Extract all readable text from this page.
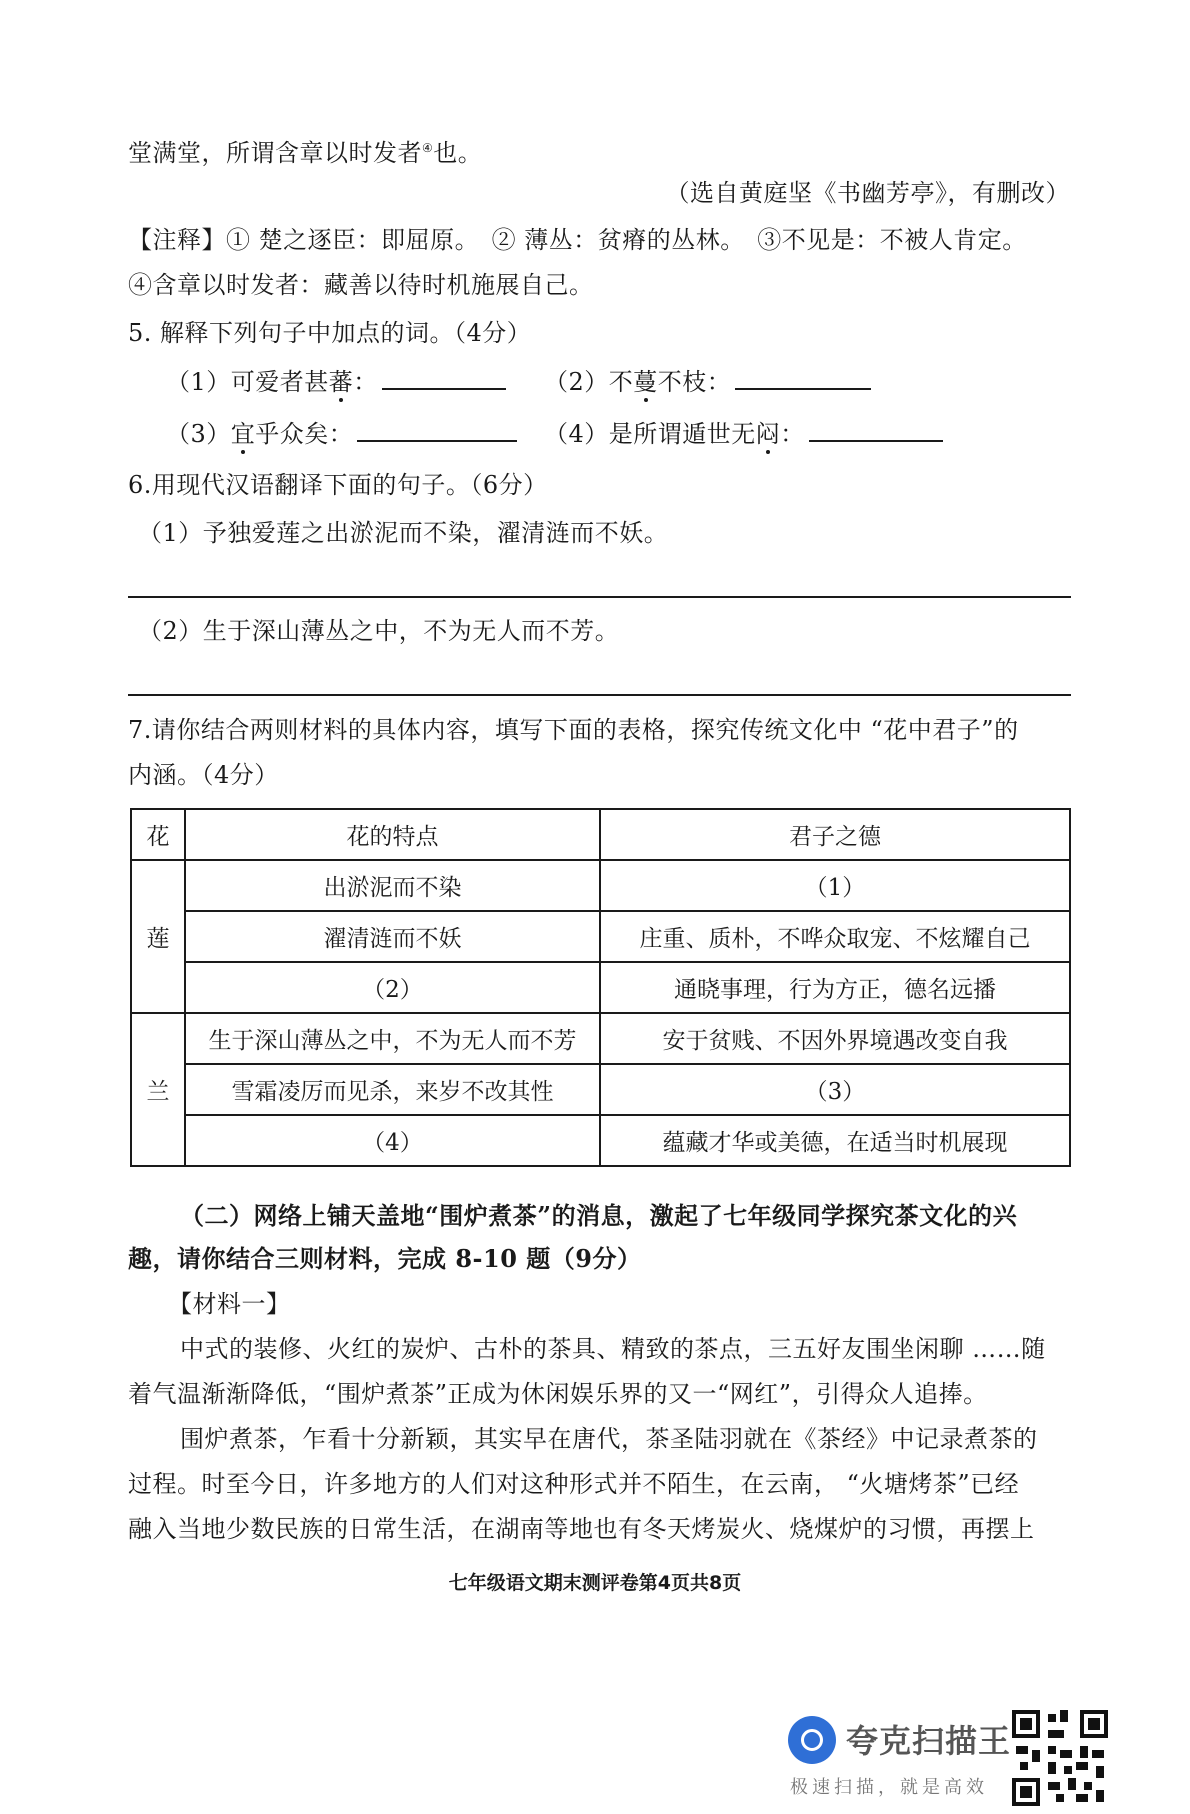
堂满堂，所谓含章以时发者④也。
（选自黄庭坚《书幽芳亭》，有删改）
【注释】① 楚之逐臣：即屈原。　② 薄丛：贫瘠的丛林。　③不见是：不被人肯定。
④含章以时发者：藏善以待时机施展自己。
5. 解释下列句子中加点的词。（4分）
（1）可爱者甚蕃：	（2）不蔓不枝：
（3）宜乎众矣：	（4）是所谓遁世无闷：
6.用现代汉语翻译下面的句子。（6分）
（1）予独爱莲之出淤泥而不染，濯清涟而不妖。
（2）生于深山薄丛之中，不为无人而不芳。
7.请你结合两则材料的具体内容，填写下面的表格，探究传统文化中 “花中君子”的
内涵。（4分）
花	花的特点	君子之德
莲	出淤泥而不染	（1）
	濯清涟而不妖	庄重、质朴，不哗众取宠、不炫耀自己
	（2）	通晓事理，行为方正，德名远播
兰	生于深山薄丛之中，不为无人而不芳	安于贫贱、不因外界境遇改变自我
	雪霜凌厉而见杀，来岁不改其性	（3）
	（4）	蕴藏才华或美德，在适当时机展现
（二）网络上铺天盖地“围炉煮茶”的消息，激起了七年级同学探究茶文化的兴
趣，请你结合三则材料，完成 8-10 题（9分）
【材料一】
中式的装修、火红的炭炉、古朴的茶具、精致的茶点，三五好友围坐闲聊 ……随
着气温渐渐降低，“围炉煮茶”正成为休闲娱乐界的又一“网红”，引得众人追捧。
围炉煮茶，乍看十分新颖，其实早在唐代，茶圣陆羽就在《茶经》中记录煮茶的
过程。时至今日，许多地方的人们对这种形式并不陌生，在云南， “火塘烤茶”已经
融入当地少数民族的日常生活，在湖南等地也有冬天烤炭火、烧煤炉的习惯，再摆上
七年级语文期末测评卷第4页共8页
夸克扫描王
极速扫描，就是高效
